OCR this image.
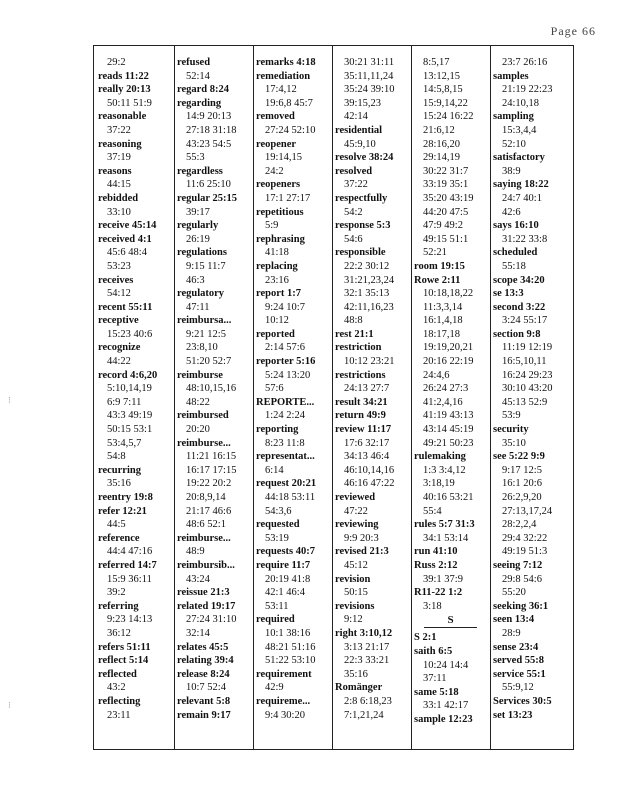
Page 66
29:2
reads 11:22
really 20:13
50:11 51:9
reasonable
37:22
reasoning
37:19
reasons
44:15
rebidded
33:10
receive 45:14
received 4:1
45:6 48:4
53:23
receives
54:12
recent 55:11
receptive
15:23 40:6
recognize
44:22
record 4:6,20
5:10,14,19
6:9 7:11
43:3 49:19
50:15 53:1
53:4,5,7
54:8
recurring
35:16
reentry 19:8
refer 12:21
44:5
reference
44:4 47:16
referred 14:7
15:9 36:11
39:2
referring
9:23 14:13
36:12
refers 51:11
reflect 5:14
reflected
43:2
reflecting
23:11
refused
52:14
regard 8:24
regarding
14:9 20:13
27:18 31:18
43:23 54:5
55:3
regardless
11:6 25:10
regular 25:15
39:17
regularly
26:19
regulations
9:15 11:7
46:3
regulatory
47:11
reimbursa...
9:21 12:5
23:8,10
51:20 52:7
reimburse
48:10,15,16
48:22
reimbursed
20:20
reimburse...
11:21 16:15
16:17 17:15
19:22 20:2
20:8,9,14
21:17 46:6
48:6 52:1
reimburse...
48:9
reimbursib...
43:24
reissue 21:3
related 19:17
27:24 31:10
32:14
relates 45:5
relating 39:4
release 8:24
10:7 52:4
relevant 5:8
remain 9:17
remarks 4:18
remediation
17:4,12
19:6,8 45:7
removed
27:24 52:10
reopener
19:14,15
24:2
reopeners
17:1 27:17
repetitious
5:9
rephrasing
41:18
replacing
23:16
report 1:7
9:24 10:7
10:12
reported
2:14 57:6
reporter 5:16
5:24 13:20
57:6
REPORTE...
1:24 2:24
reporting
8:23 11:8
representat...
6:14
request 20:21
44:18 53:11
54:3,6
requested
53:19
requests 40:7
require 11:7
20:19 41:8
42:1 46:4
53:11
required
10:1 38:16
48:21 51:16
51:22 53:10
requirement
42:9
requireme...
9:4 30:20
30:21 31:11
35:11,11,24
35:24 39:10
39:15,23
42:14
residential
45:9,10
resolve 38:24
resolved
37:22
respectfully
54:2
response 5:3
54:6
responsible
22:2 30:12
31:21,23,24
32:1 35:13
42:11,16,23
48:8
rest 21:1
restriction
10:12 23:21
restrictions
24:13 27:7
result 34:21
return 49:9
review 11:17
17:6 32:17
34:13 46:4
46:10,14,16
46:16 47:22
reviewed
47:22
reviewing
9:9 20:3
revised 21:3
45:12
revision
50:15
revisions
9:12
right 3:10,12
3:13 21:17
22:3 33:21
35:16
Romänger
2:8 6:18,23
7:1,21,24
8:5,17
13:12,15
14:5,8,15
15:9,14,22
15:24 16:22
21:6,12
28:16,20
29:14,19
30:22 31:7
33:19 35:1
35:20 43:19
44:20 47:5
47:9 49:2
49:15 51:1
52:21
room 19:15
Rowe 2:11
10:18,18,22
11:3,3,14
16:1,4,18
18:17,18
19:19,20,21
20:16 22:19
24:4,6
26:24 27:3
41:2,4,16
41:19 43:13
43:14 45:19
49:21 50:23
rulemaking
1:3 3:4,12
3:18,19
40:16 53:21
55:4
rules 5:7 31:3
34:1 53:14
run 41:10
Russ 2:12
39:1 37:9
R11-22 1:2
3:18
S
S 2:1
saith 6:5
10:24 14:4
37:11
same 5:18
33:1 42:17
sample 12:23
23:7 26:16
samples
21:19 22:23
24:10,18
sampling
15:3,4,4
52:10
satisfactory
38:9
saying 18:22
24:7 40:1
42:6
says 16:10
31:22 33:8
scheduled
55:18
scope 34:20
se 13:3
second 3:22
3:24 55:17
section 9:8
11:19 12:19
16:5,10,11
16:24 29:23
30:10 43:20
45:13 52:9
53:9
security
35:10
see 5:22 9:9
9:17 12:5
16:1 20:6
26:2,9,20
27:13,17,24
28:2,2,4
29:4 32:22
49:19 51:3
seeing 7:12
29:8 54:6
55:20
seeking 36:1
seen 13:4
28:9
sense 23:4
served 55:8
service 55:1
55:9,12
Services 30:5
set 13:23
⁝
⁝
